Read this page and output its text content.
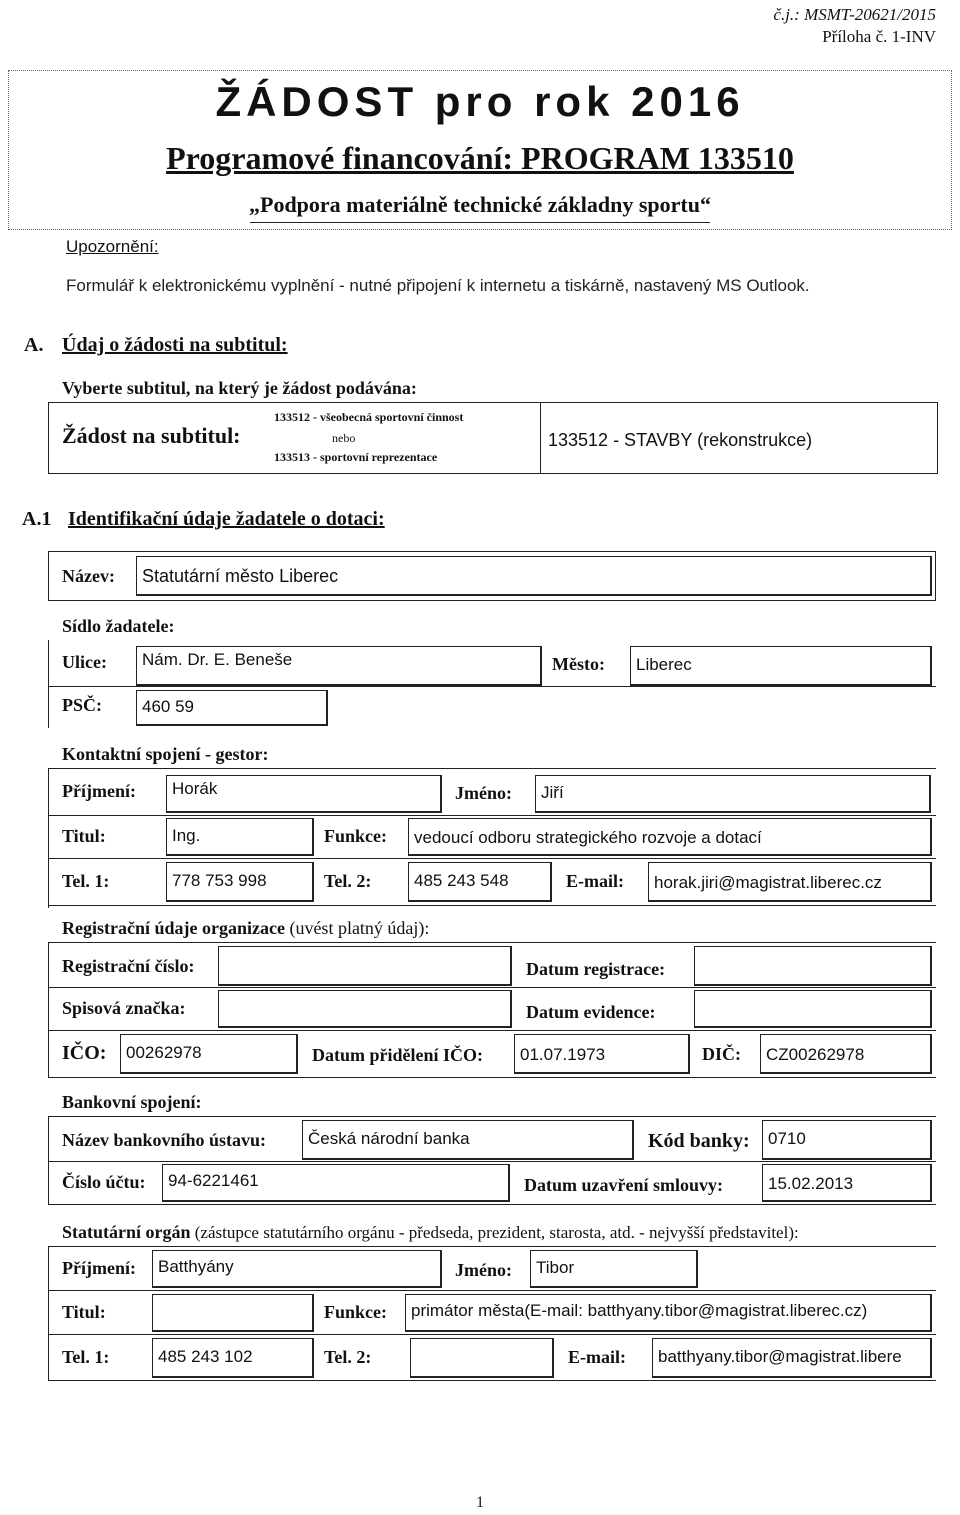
č.j.: MSMT-20621/2015
Příloha č. 1-INV
ŽÁDOST pro rok 2016
Programové financování: PROGRAM 133510
„Podpora materiálně technické základny sportu“
Upozornění:
Formulář k elektronickému vyplnění - nutné připojení k internetu a tiskárně, nastavený MS Outlook.
A. Údaj o žádosti na subtitul:
Vyberte subtitul, na který je žádost podávána:
Žádost na subtitul:
133512 - všeobecná sportovní činnost
nebo
133513 - sportovní reprezentace
133512 - STAVBY (rekonstrukce)
A.1 Identifikační údaje žadatele o dotaci:
Název:	Statutární město Liberec
Sídlo žadatele:
Ulice:	Nám. Dr. E. Beneše	Město:	Liberec
PSČ:	460 59
Kontaktní spojení - gestor:
Příjmení:	Horák	Jméno:	Jiří
Titul:	Ing.	Funkce:	vedoucí odboru strategického rozvoje a dotací
Tel. 1:	778 753 998	Tel. 2:	485 243 548	E-mail:	horak.jiri@magistrat.liberec.cz
Registrační údaje organizace (uvést platný údaj):
Registrační číslo:	Datum registrace:
Spisová značka:	Datum evidence:
IČO:	00262978	Datum přidělení IČO:	01.07.1973	DIČ:	CZ00262978
Bankovní spojení:
Název bankovního ústavu:	Česká národní banka	Kód banky:	0710
Číslo účtu:	94-6221461	Datum uzavření smlouvy:	15.02.2013
Statutární orgán (zástupce statutárního orgánu - předseda, prezident, starosta, atd. - nejvyšší představitel):
Příjmení:	Batthyány	Jméno:	Tibor
Titul:	Funkce:	primátor města(E-mail: batthyany.tibor@magistrat.liberec.cz)
Tel. 1:	485 243 102	Tel. 2:	E-mail:	batthyany.tibor@magistrat.libere
1
